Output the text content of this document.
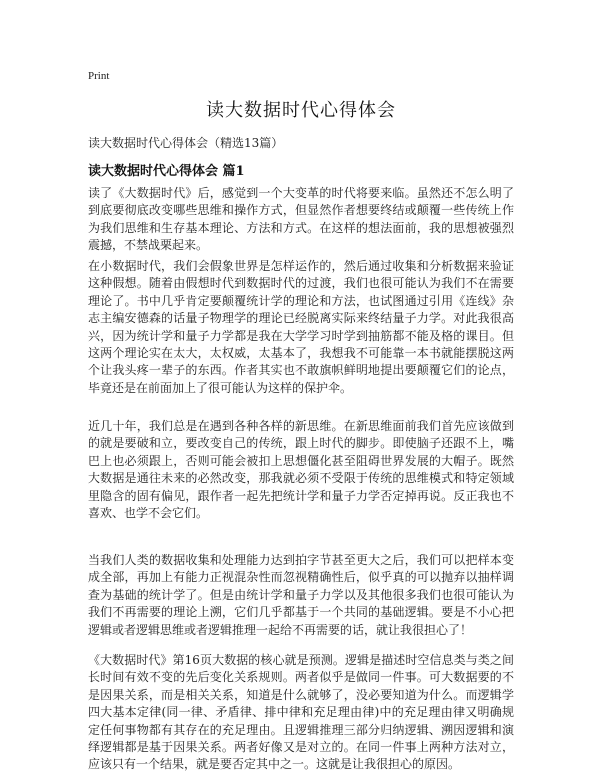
Print
读大数据时代心得体会
读大数据时代心得体会（精选13篇）
读大数据时代心得体会 篇1

读了《大数据时代》后，感觉到一个大变革的时代将要来临。虽然还不怎么明了到底要彻底改变哪些思维和操作方式，但显然作者想要终结或颠覆一些传统上作为我们思维和生存基本理论、方法和方式。在这样的想法面前，我的思想被强烈震撼，不禁战栗起来。

在小数据时代，我们会假象世界是怎样运作的，然后通过收集和分析数据来验证这种假想。随着由假想时代到数据时代的过渡，我们也很可能认为我们不在需要理论了。书中几乎肯定要颠覆统计学的理论和方法，也试图通过引用《连线》杂志主编安德森的话量子物理学的理论已经脱离实际来终结量子力学。对此我很高兴，因为统计学和量子力学都是我在大学学习时学到抽筋都不能及格的课目。但这两个理论实在太大，太权威，太基本了，我想我不可能靠一本书就能摆脱这两个让我头疼一辈子的东西。作者其实也不敢旗帜鲜明地提出要颠覆它们的论点，毕竟还是在前面加上了很可能认为这样的保护伞。

近几十年，我们总是在遇到各种各样的新思维。在新思维面前我们首先应该做到的就是要破和立，要改变自己的传统，跟上时代的脚步。即使脑子还跟不上，嘴巴上也必须跟上，否则可能会被扣上思想僵化甚至阻碍世界发展的大帽子。既然大数据是通往未来的必然改变，那我就必须不受限于传统的思维模式和特定领域里隐含的固有偏见，跟作者一起先把统计学和量子力学否定掉再说。反正我也不喜欢、也学不会它们。

当我们人类的数据收集和处理能力达到拍字节甚至更大之后，我们可以把样本变成全部，再加上有能力正视混杂性而忽视精确性后，似乎真的可以抛弃以抽样调查为基础的统计学了。但是由统计学和量子力学以及其他很多我们也很可能认为我们不再需要的理论上溯，它们几乎都基于一个共同的基础逻辑。要是不小心把逻辑或者逻辑思维或者逻辑推理一起给不再需要的话，就让我很担心了！

《大数据时代》第16页大数据的核心就是预测。逻辑是描述时空信息类与类之间长时间有效不变的先后变化关系规则。两者似乎是做同一件事。可大数据要的不是因果关系，而是相关关系，知道是什么就够了，没必要知道为什么。而逻辑学四大基本定律(同一律、矛盾律、排中律和充足理由律)中的充足理由律又明确规定任何事物都有其存在的充足理由。且逻辑推理三部分归纳逻辑、溯因逻辑和演绎逻辑都是基于因果关系。两者好像又是对立的。在同一件事上两种方法对立，应该只有一个结果，就是要否定其中之一。这就是让我很担心的原因。
